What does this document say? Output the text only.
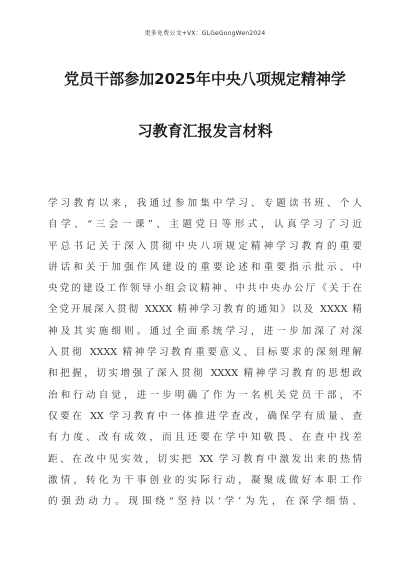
更多免费公文+VX：GLGeGongWen2024
党员干部参加2025年中央八项规定精神学
习教育汇报发言材料
学习教育以来，我通过参加集中学习、专题读书班、个人
自学、“三会一课”、主题党日等形式，认真学习了习近
平总书记关于深入贯彻中央八项规定精神学习教育的重要
讲话和关于加强作风建设的重要论述和重要指示批示、中
央党的建设工作领导小组会议精神、中共中央办公厅《关于在
全党开展深入贯彻 XXXX 精神学习教育的通知》以及 XXXX 精
神及其实施细则。通过全面系统学习，进一步加深了对深
入贯彻 XXXX 精神学习教育重要意义、目标要求的深刻理解
和把握，切实增强了深入贯彻 XXXX 精神学习教育的思想政
治和行动自觉，进一步明确了作为一名机关党员干部，不
仅要在 XX 学习教育中一体推进学查改，确保学有质量、查
有力度、改有成效，而且还要在学中知敬畏、在查中找差
距、在改中见实效，切实把 XX 学习教育中激发出来的热情
激情，转化为干事创业的实际行动，凝聚成做好本职工作
的强劲动力。现围绕“坚持以‘学’为先，在深学细悟、
